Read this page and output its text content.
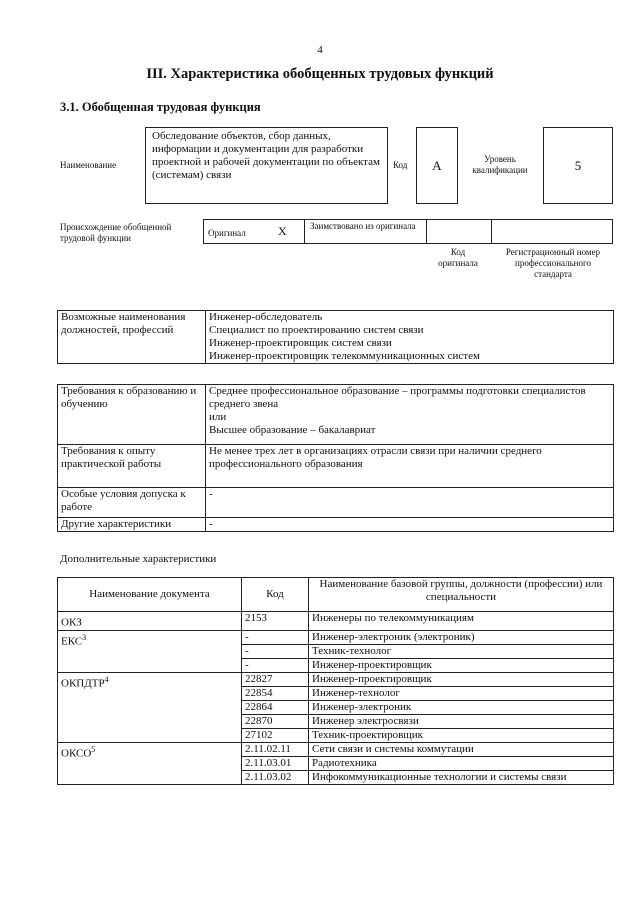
4
III. Характеристика обобщенных трудовых функций
3.1. Обобщенная трудовая функция
Наименование
Обследование объектов, сбор данных, информации и документации для разработки проектной и рабочей документации по объектам (системам) связи
Код	А	Уровень квалификации	5
Происхождение обобщенной трудовой функции	Оригинал	Х	Заимствовано из оригинала
Код оригинала
Регистрационный номер профессионального стандарта
Возможные наименования должностей, профессий	
Инженер-обследователь
Специалист по проектированию систем связи
Инженер-проектировщик систем связи
Инженер-проектировщик телекоммуникационных систем
Требования к образованию и обучению	Среднее профессиональное образование – программы подготовки специалистов среднего звена
или
Высшее образование – бакалавриат
Требования к опыту практической работы	Не менее трех лет в организациях отрасли связи при наличии среднего профессионального образования
Особые условия допуска к работе	-
Другие характеристики	-
Дополнительные характеристики
Наименование документа	Код	Наименование базовой группы, должности (профессии) или специальности
ОКЗ	2153	Инженеры по телекоммуникациям
ЕКС$^3$	-	Инженер-электроник (электроник)
	-	Техник-технолог
	-	Инженер-проектировщик
ОКПДТР$^4$	22827	Инженер-проектировщик
	22854	Инженер-технолог
	22864	Инженер-электроник
	22870	Инженер электросвязи
	27102	Техник-проектировщик
ОКСО$^5$	2.11.02.11	Сети связи и системы коммутации
	2.11.03.01	Радиотехника
	2.11.03.02	Инфокоммуникационные технологии и системы связи
